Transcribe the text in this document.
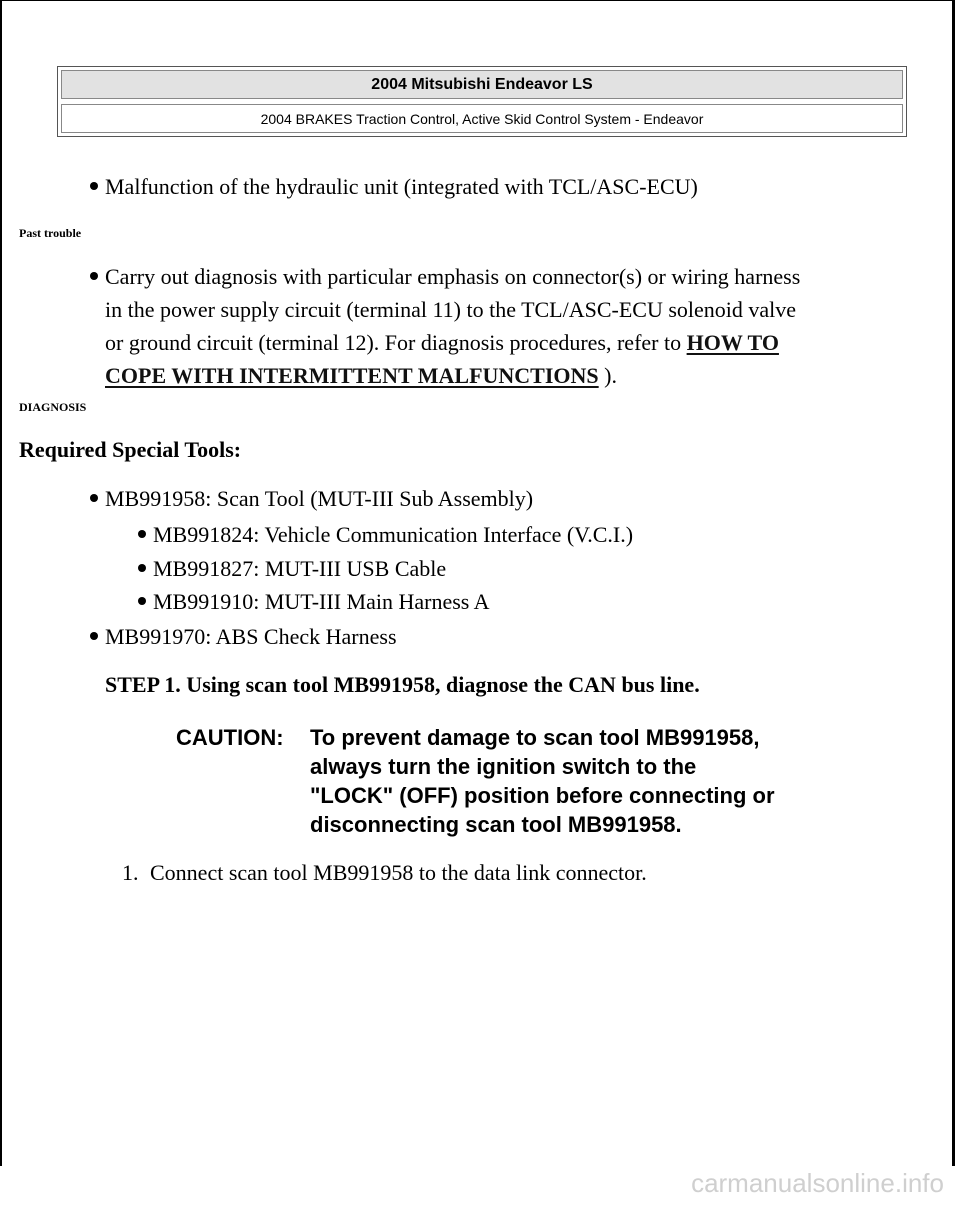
2004 Mitsubishi Endeavor LS
2004 BRAKES Traction Control, Active Skid Control System - Endeavor
Malfunction of the hydraulic unit (integrated with TCL/ASC-ECU)
Past trouble
Carry out diagnosis with particular emphasis on connector(s) or wiring harness
in the power supply circuit (terminal 11) to the TCL/ASC-ECU solenoid valve
or ground circuit (terminal 12). For diagnosis procedures, refer to HOW TO
COPE WITH INTERMITTENT MALFUNCTIONS ).
DIAGNOSIS
Required Special Tools:
MB991958: Scan Tool (MUT-III Sub Assembly)
MB991824: Vehicle Communication Interface (V.C.I.)
MB991827: MUT-III USB Cable
MB991910: MUT-III Main Harness A
MB991970: ABS Check Harness
STEP 1. Using scan tool MB991958, diagnose the CAN bus line.
CAUTION: To prevent damage to scan tool MB991958,
always turn the ignition switch to the
"LOCK" (OFF) position before connecting or
disconnecting scan tool MB991958.
1. Connect scan tool MB991958 to the data link connector.
carmanualsonline.info
